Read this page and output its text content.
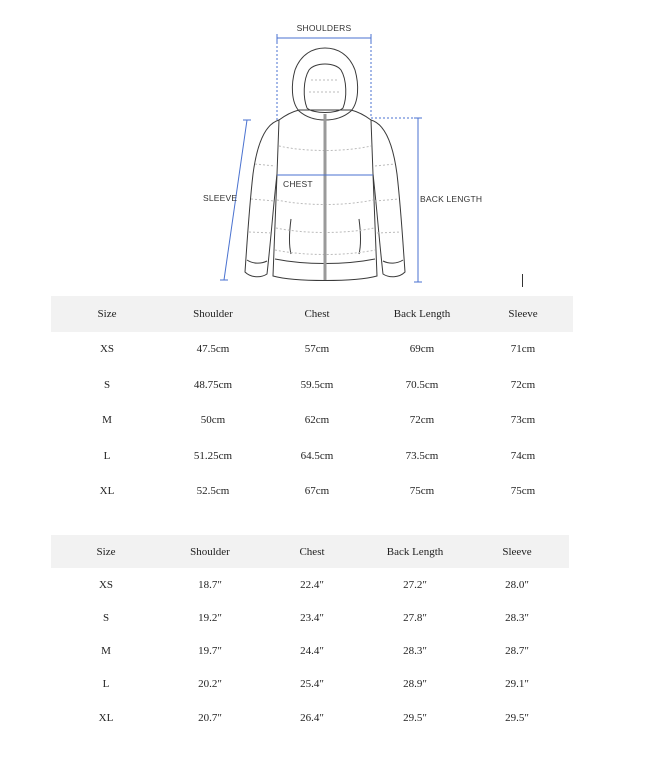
SHOULDERS
CHEST
SLEEVE	BACK LENGTH
Size	Shoulder	Chest	Back Length	Sleeve
XS	47.5cm	57cm	69cm	71cm
S	48.75cm	59.5cm	70.5cm	72cm
M	50cm	62cm	72cm	73cm
L	51.25cm	64.5cm	73.5cm	74cm
XL	52.5cm	67cm	75cm	75cm
Size	Shoulder	Chest	Back Length	Sleeve
XS	18.7″	22.4″	27.2″	28.0″
S	19.2″	23.4″	27.8″	28.3″
M	19.7″	24.4″	28.3″	28.7″
L	20.2″	25.4″	28.9″	29.1″
XL	20.7″	26.4″	29.5″	29.5″
